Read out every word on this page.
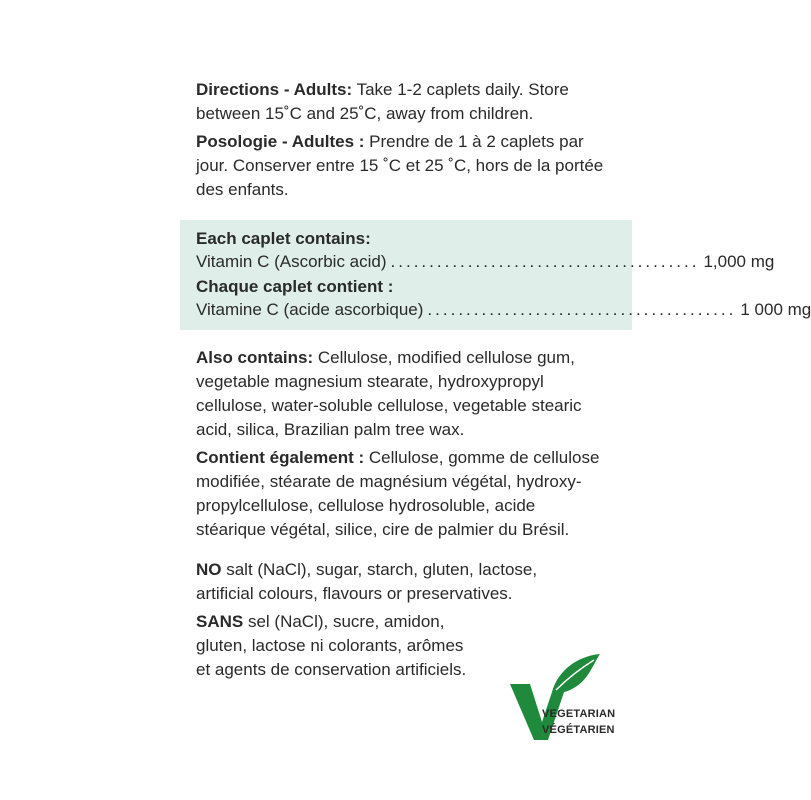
Directions - Adults: Take 1-2 caplets daily. Store
between 15˚C and 25˚C, away from children.

Posologie - Adultes : Prendre de 1 à 2 caplets par
jour. Conserver entre 15 ˚C et 25 ˚C, hors de la portée
des enfants.

Each caplet contains:
Vitamin C (Ascorbic acid) ........................................ 1,000 mg
Chaque caplet contient :
Vitamine C (acide ascorbique) ........................................ 1 000 mg

Also contains: Cellulose, modified cellulose gum,
vegetable magnesium stearate, hydroxypropyl
cellulose, water-soluble cellulose, vegetable stearic
acid, silica, Brazilian palm tree wax.

Contient également : Cellulose, gomme de cellulose
modifiée, stéarate de magnésium végétal, hydroxy-
propylcellulose, cellulose hydrosoluble, acide
stéarique végétal, silice, cire de palmier du Brésil.

NO salt (NaCl), sugar, starch, gluten, lactose,
artificial colours, flavours or preservatives.

SANS sel (NaCl), sucre, amidon,
gluten, lactose ni colorants, arômes
et agents de conservation artificiels.

VEGETARIAN
VÉGÉTARIEN
